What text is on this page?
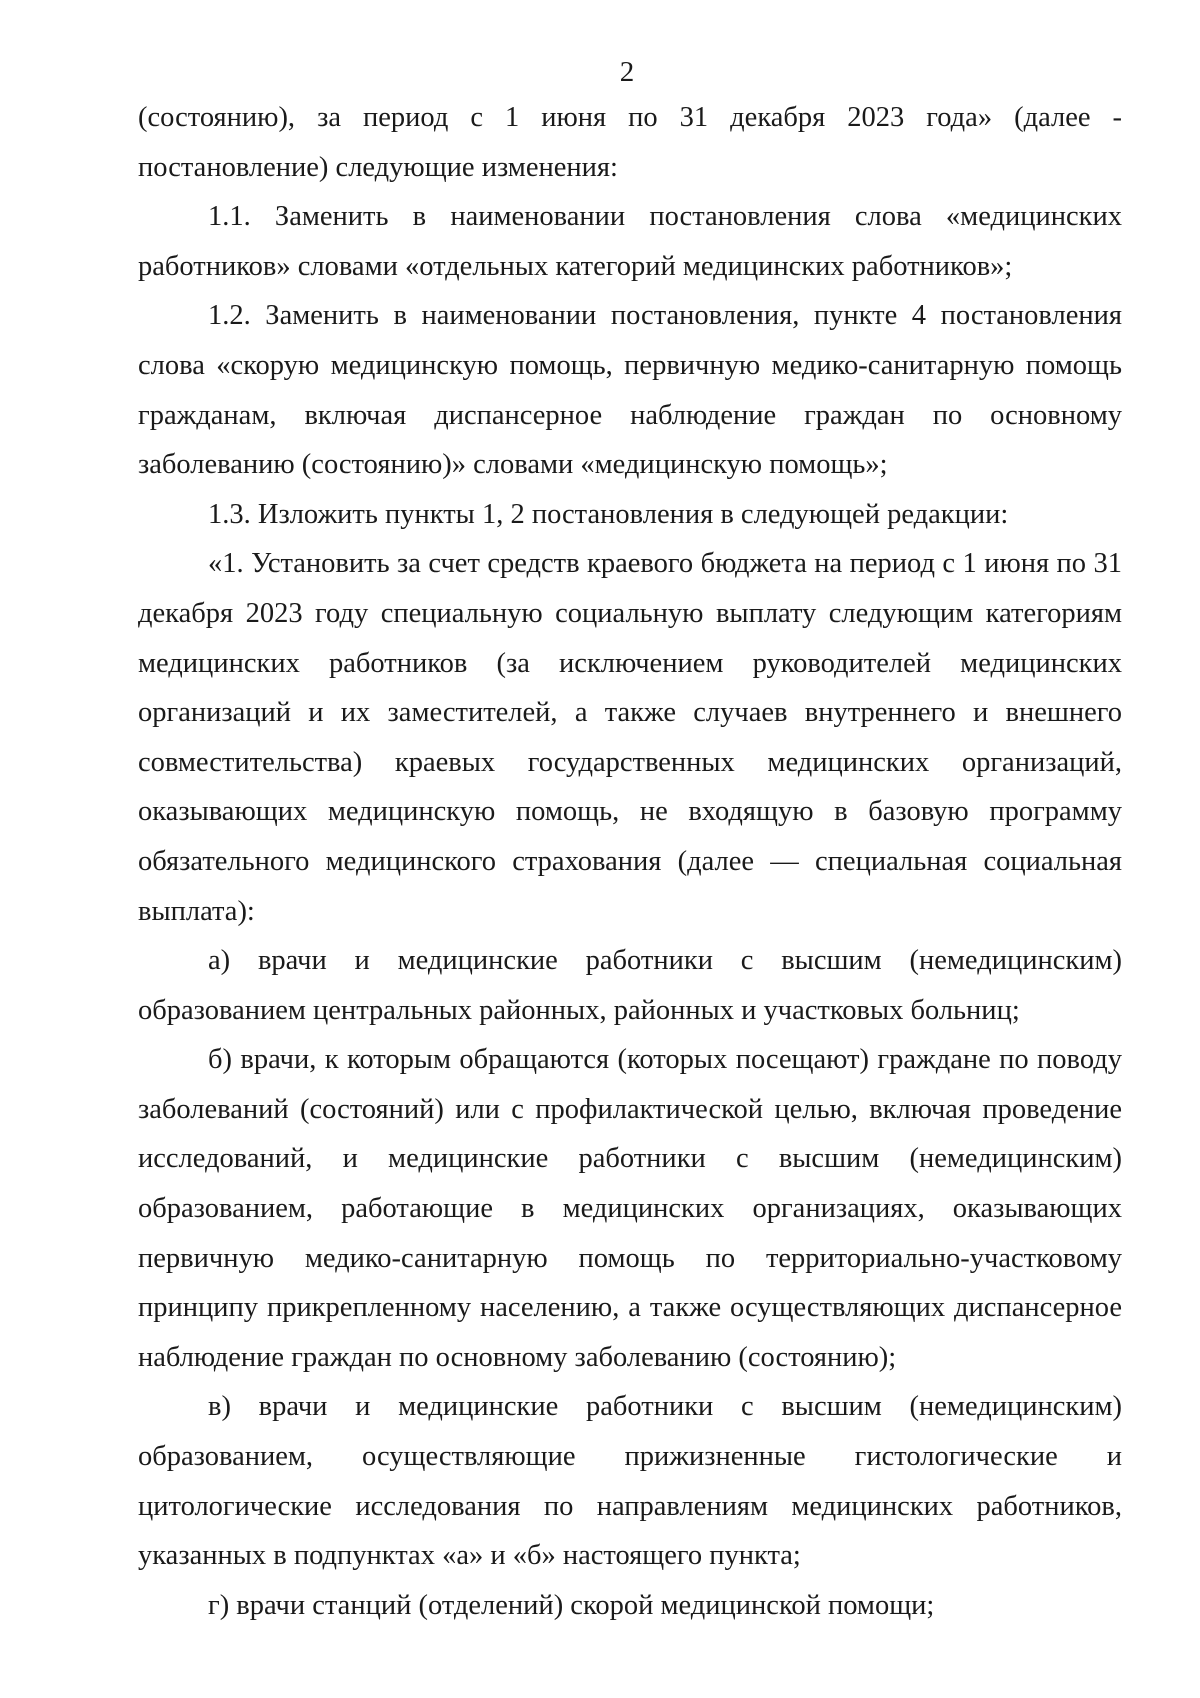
2

(состоянию), за период с 1 июня по 31 декабря 2023 года» (далее - постановление) следующие изменения:

1.1. Заменить в наименовании постановления слова «медицинских работников» словами «отдельных категорий медицинских работников»;

1.2. Заменить в наименовании постановления, пункте 4 постановления слова «скорую медицинскую помощь, первичную медико-санитарную помощь гражданам, включая диспансерное наблюдение граждан по основному заболеванию (состоянию)» словами «медицинскую помощь»;

1.3. Изложить пункты 1, 2 постановления в следующей редакции:

«1. Установить за счет средств краевого бюджета на период с 1 июня по 31 декабря 2023 году специальную социальную выплату следующим категориям медицинских работников (за исключением руководителей медицинских организаций и их заместителей, а также случаев внутреннего и внешнего совместительства) краевых государственных медицинских организаций, оказывающих медицинскую помощь, не входящую в базовую программу обязательного медицинского страхования (далее — специальная социальная выплата):

а) врачи и медицинские работники с высшим (немедицинским) образованием центральных районных, районных и участковых больниц;

б) врачи, к которым обращаются (которых посещают) граждане по поводу заболеваний (состояний) или с профилактической целью, включая проведение исследований, и медицинские работники с высшим (немедицинским) образованием, работающие в медицинских организациях, оказывающих первичную медико-санитарную помощь по территориально-участковому принципу прикрепленному населению, а также осуществляющих диспансерное наблюдение граждан по основному заболеванию (состоянию);

в) врачи и медицинские работники с высшим (немедицинским) образованием, осуществляющие прижизненные гистологические и цитологические исследования по направлениям медицинских работников, указанных в подпунктах «а» и «б» настоящего пункта;

г) врачи станций (отделений) скорой медицинской помощи;
